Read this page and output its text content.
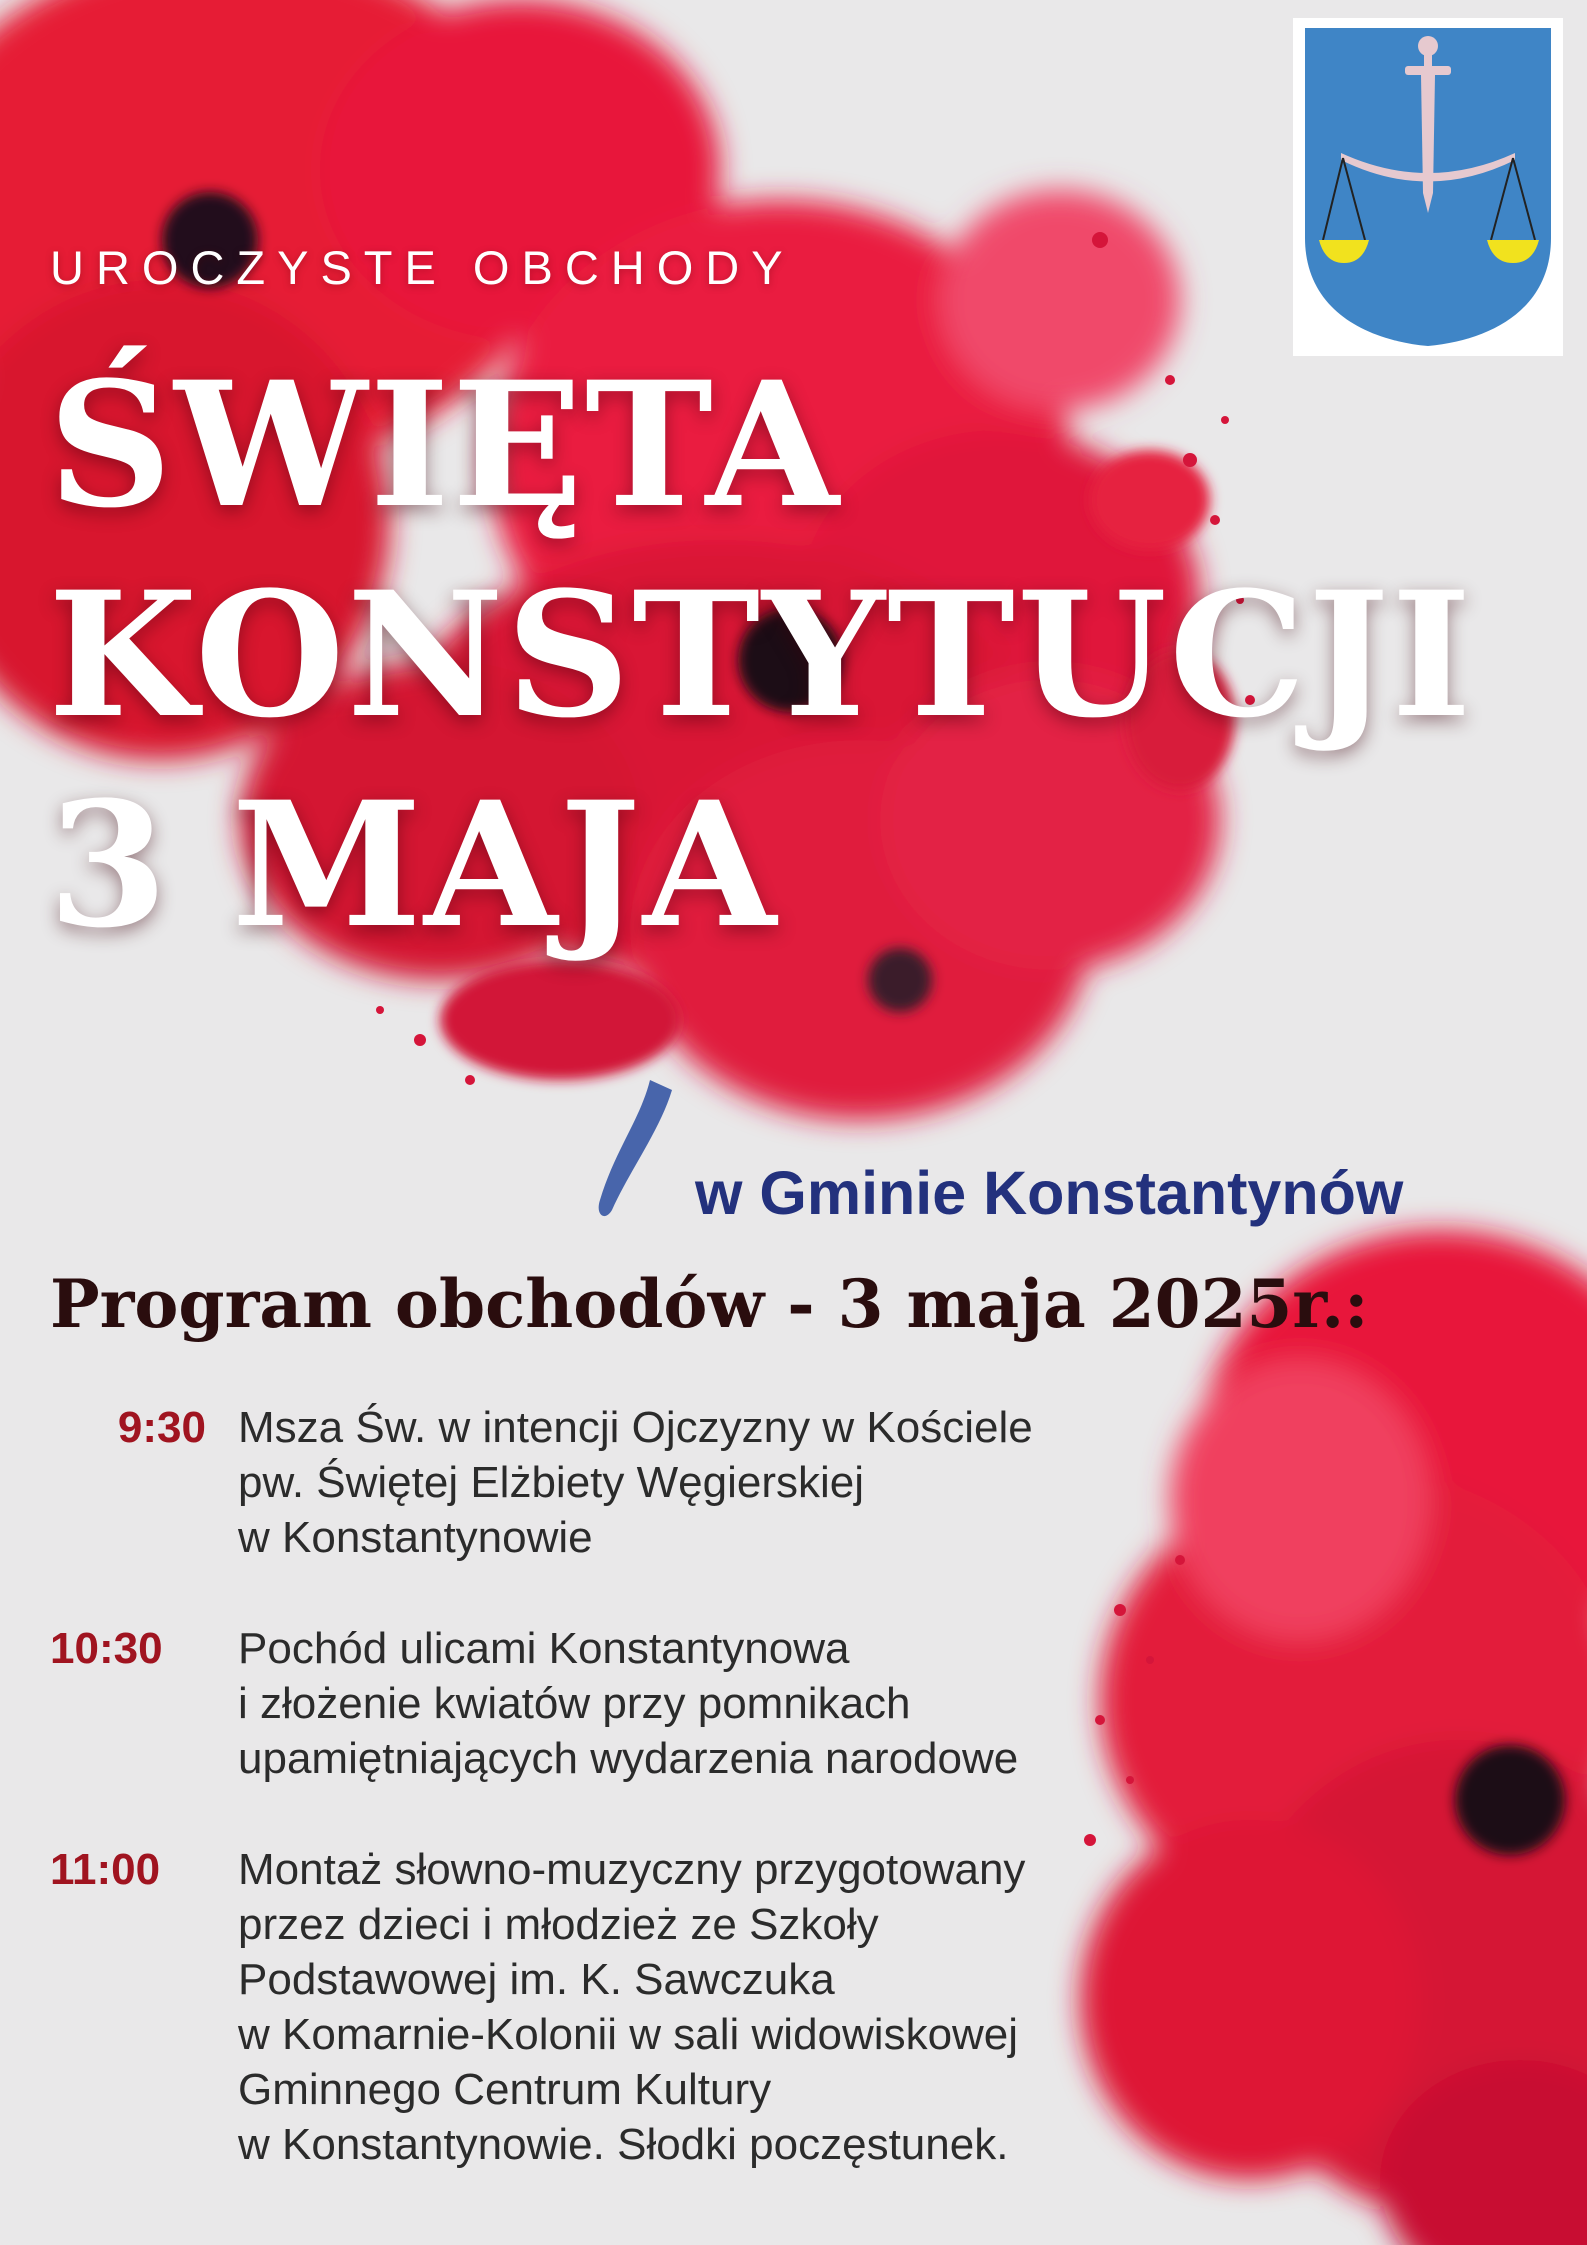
UROCZYSTE OBCHODY
ŚWIĘTA
KONSTYTUCJI
3 MAJA
w Gminie Konstantynów
Program obchodów - 3 maja 2025r.:
9:30 Msza Św. w intencji Ojczyzny w Kościele
pw. Świętej Elżbiety Węgierskiej
w Konstantynowie
10:30	Pochód ulicami Konstantynowa
i złożenie kwiatów przy pomnikach
upamiętniających wydarzenia narodowe
11:00	Montaż słowno-muzyczny przygotowany
przez dzieci i młodzież ze Szkoły
Podstawowej im. K. Sawczuka
w Komarnie-Kolonii w sali widowiskowej
Gminnego Centrum Kultury
w Konstantynowie. Słodki poczęstunek.
